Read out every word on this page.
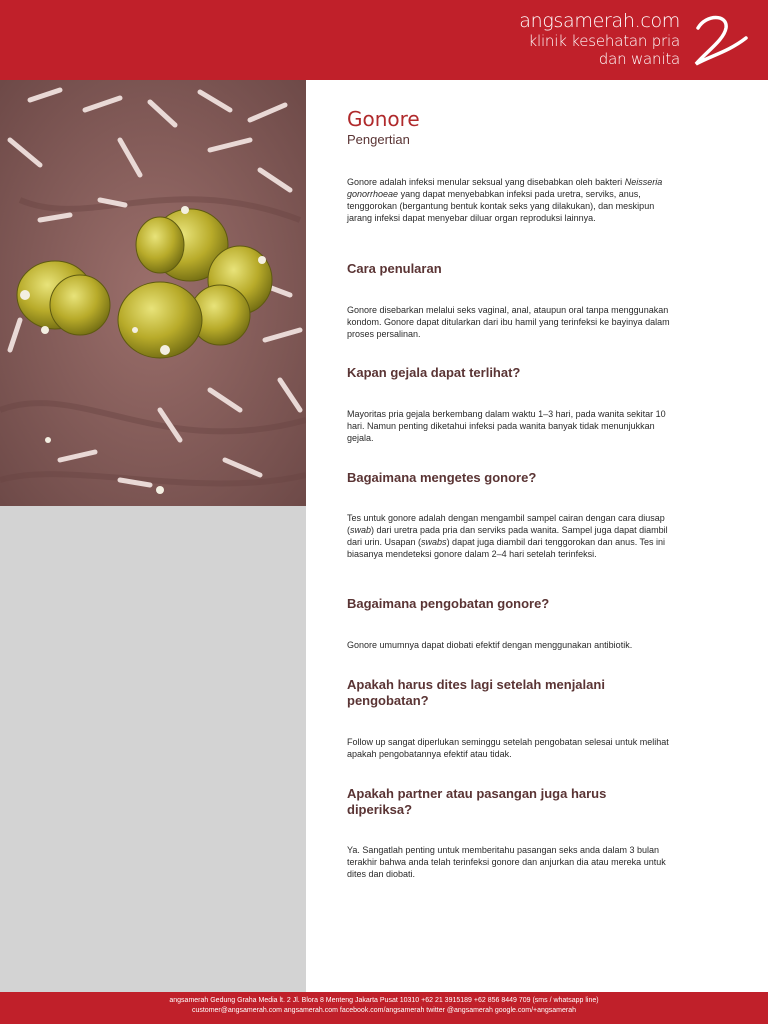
angsamerah.com
klinik kesehatan pria
dan wanita
Gonore
Pengertian
Gonore adalah infeksi menular seksual yang disebabkan oleh bakteri Neisseria gonorrhoeae yang dapat menyebabkan infeksi pada uretra, serviks, anus, tenggorokan (bergantung bentuk kontak seks yang dilakukan), dan meskipun jarang infeksi dapat menyebar diluar organ reproduksi lainnya.
Cara penularan
Gonore disebarkan melalui seks vaginal, anal, ataupun oral tanpa menggunakan kondom. Gonore dapat ditularkan dari ibu hamil yang terinfeksi ke bayinya dalam proses persalinan.
Kapan gejala dapat terlihat?
Mayoritas pria gejala berkembang dalam waktu 1–3 hari, pada wanita sekitar 10 hari. Namun penting diketahui infeksi pada wanita banyak tidak menunjukkan gejala.
Bagaimana mengetes gonore?
Tes untuk gonore adalah dengan mengambil sampel cairan dengan cara diusap (swab) dari uretra pada pria dan serviks pada wanita. Sampel juga dapat diambil dari urin. Usapan (swabs) dapat juga diambil dari tenggorokan dan anus. Tes ini biasanya mendeteksi gonore dalam 2–4 hari setelah terinfeksi.
Bagaimana pengobatan gonore?
Gonore umumnya dapat diobati efektif dengan menggunakan antibiotik.
Apakah harus dites lagi setelah menjalani pengobatan?
Follow up sangat diperlukan seminggu setelah pengobatan selesai untuk melihat apakah pengobatannya efektif atau tidak.
Apakah partner atau pasangan juga harus diperiksa?
Ya. Sangatlah penting untuk memberitahu pasangan seks anda dalam 3 bulan terakhir bahwa anda telah terinfeksi gonore dan anjurkan dia atau mereka untuk dites dan diobati.
angsamerah Gedung Graha Media lt. 2 Jl. Blora 8 Menteng Jakarta Pusat 10310 +62 21 3915189 +62 856 8449 709 (sms / whatsapp line)
customer@angsamerah.com angsamerah.com facebook.com/angsamerah twitter @angsamerah google.com/+angsamerah
